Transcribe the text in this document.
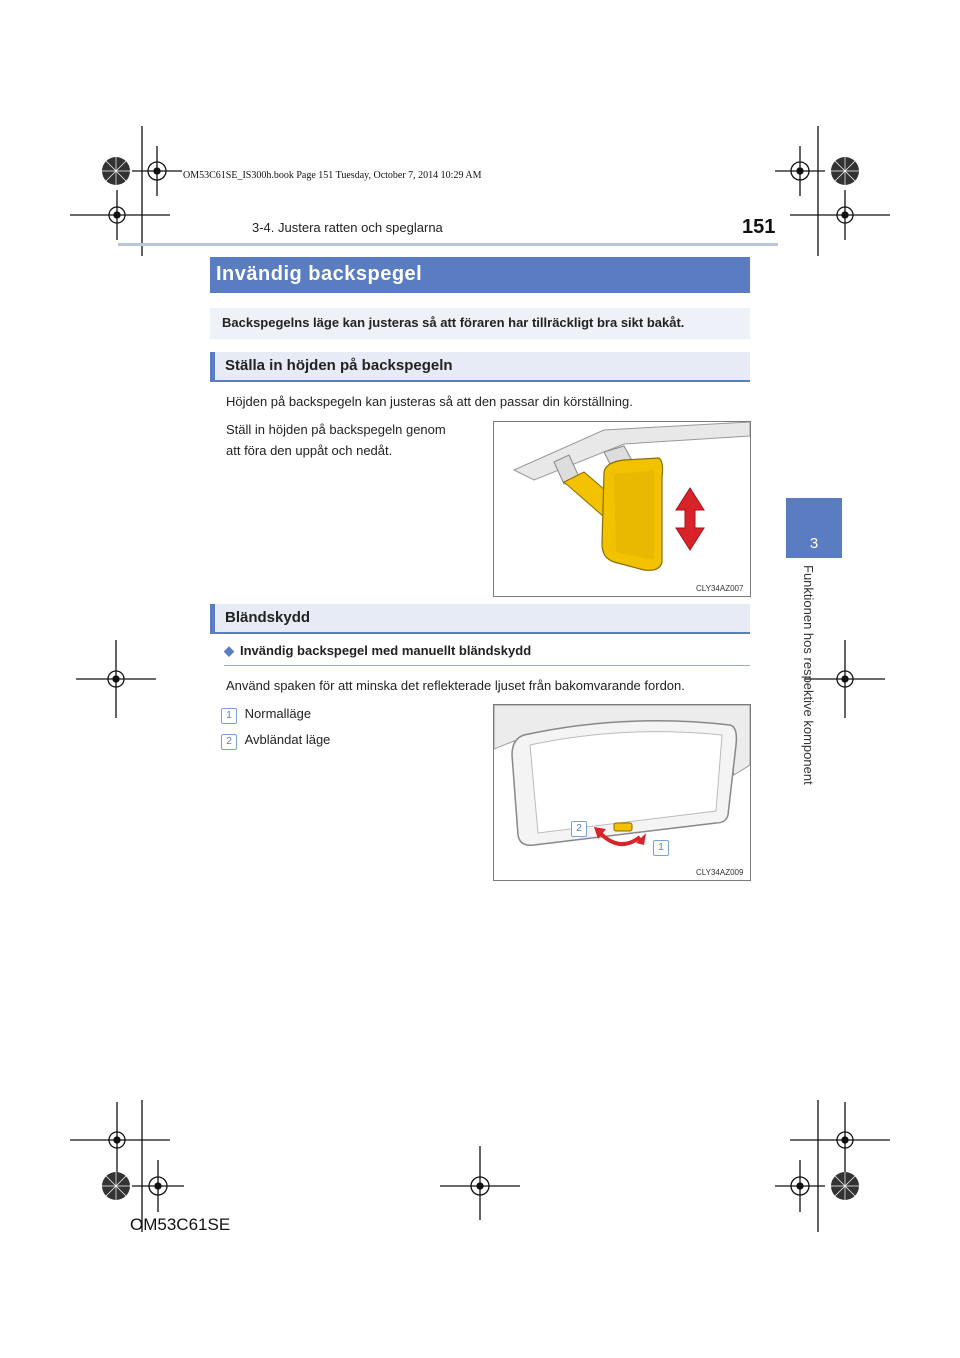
OM53C61SE_IS300h.book Page 151 Tuesday, October 7, 2014 10:29 AM
3-4. Justera ratten och speglarna	151
3
Funktionen hos respektive komponent
Invändig backspegel
Backspegelns läge kan justeras så att föraren har tillräckligt bra sikt bakåt.
Ställa in höjden på backspegeln
Höjden på backspegeln kan justeras så att den passar din körställning.
Ställ in höjden på backspegeln genom
att föra den uppåt och nedåt.
CLY34AZ007
Bländskydd
◆ Invändig backspegel med manuellt bländskydd
Använd spaken för att minska det reflekterade ljuset från bakomvarande fordon.
1 Normalläge
2 Avbländat läge
2
1
CLY34AZ009
OM53C61SE
